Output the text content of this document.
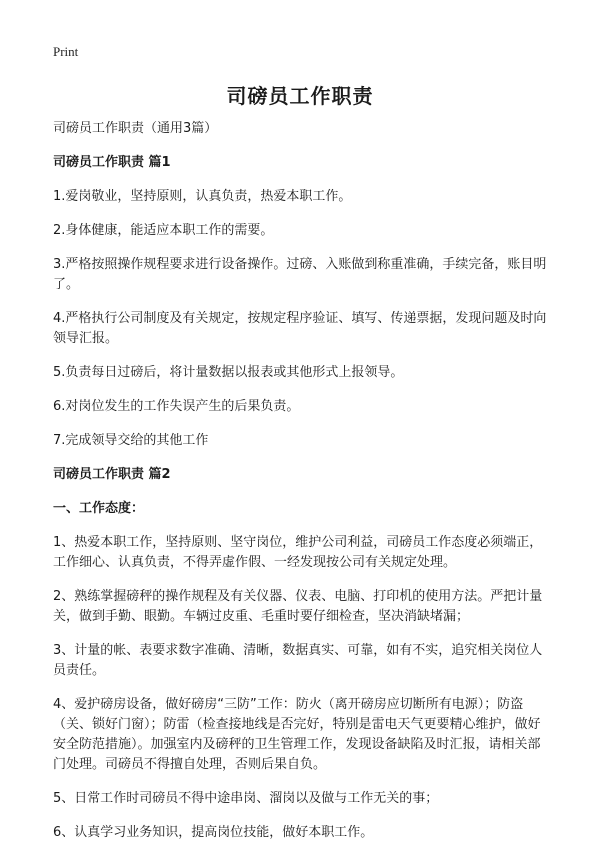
Print
司磅员工作职责

司磅员工作职责（通用3篇）

司磅员工作职责 篇1

1.爱岗敬业，坚持原则，认真负责，热爱本职工作。

2.身体健康，能适应本职工作的需要。

3.严格按照操作规程要求进行设备操作。过磅、入账做到称重准确，手续完备，账目明了。

4.严格执行公司制度及有关规定，按规定程序验证、填写、传递票据，发现问题及时向领导汇报。

5.负责每日过磅后，将计量数据以报表或其他形式上报领导。

6.对岗位发生的工作失误产生的后果负责。

7.完成领导交给的其他工作

司磅员工作职责 篇2

一、工作态度：

1、热爱本职工作，坚持原则、坚守岗位，维护公司利益，司磅员工作态度必须端正，工作细心、认真负责，不得弄虚作假、一经发现按公司有关规定处理。

2、熟练掌握磅秤的操作规程及有关仪器、仪表、电脑、打印机的使用方法。严把计量关，做到手勤、眼勤。车辆过皮重、毛重时要仔细检查，坚决消缺堵漏；

3、计量的帐、表要求数字准确、清晰，数据真实、可靠，如有不实，追究相关岗位人员责任。

4、爱护磅房设备，做好磅房“三防”工作：防火（离开磅房应切断所有电源）；防盗（关、锁好门窗）；防雷（检查接地线是否完好，特别是雷电天气更要精心维护，做好安全防范措施）。加强室内及磅秤的卫生管理工作，发现设备缺陷及时汇报，请相关部门处理。司磅员不得擅自处理，否则后果自负。

5、日常工作时司磅员不得中途串岗、溜岗以及做与工作无关的事；

6、认真学习业务知识，提高岗位技能，做好本职工作。
